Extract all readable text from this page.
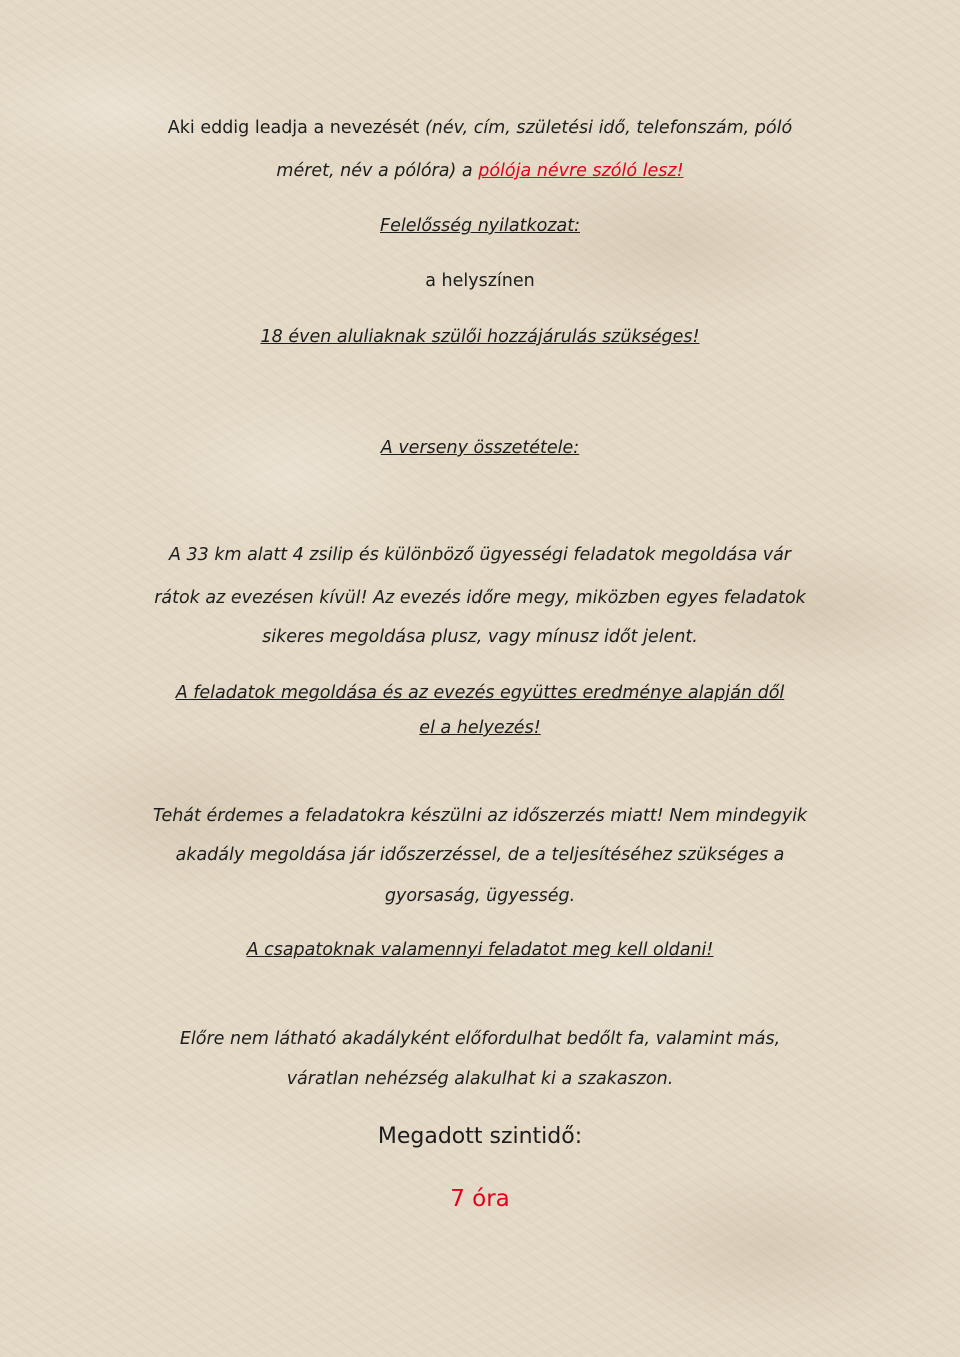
Aki eddig leadja a nevezését (név, cím, születési idő, telefonszám, póló
méret, név a pólóra) a pólója névre szóló lesz!
Felelősség nyilatkozat:
a helyszínen
18 éven aluliaknak szülői hozzájárulás szükséges!
A verseny összetétele:
A 33 km alatt 4 zsilip és különböző ügyességi feladatok megoldása vár
rátok az evezésen kívül! Az evezés időre megy, miközben egyes feladatok
sikeres megoldása plusz, vagy mínusz időt jelent.
A feladatok megoldása és az evezés együttes eredménye alapján dől
el a helyezés!
Tehát érdemes a feladatokra készülni az időszerzés miatt! Nem mindegyik
akadály megoldása jár időszerzéssel, de a teljesítéséhez szükséges a
gyorsaság, ügyesség.
A csapatoknak valamennyi feladatot meg kell oldani!
Előre nem látható akadályként előfordulhat bedőlt fa, valamint más,
váratlan nehézség alakulhat ki a szakaszon.
Megadott szintidő:
7 óra
